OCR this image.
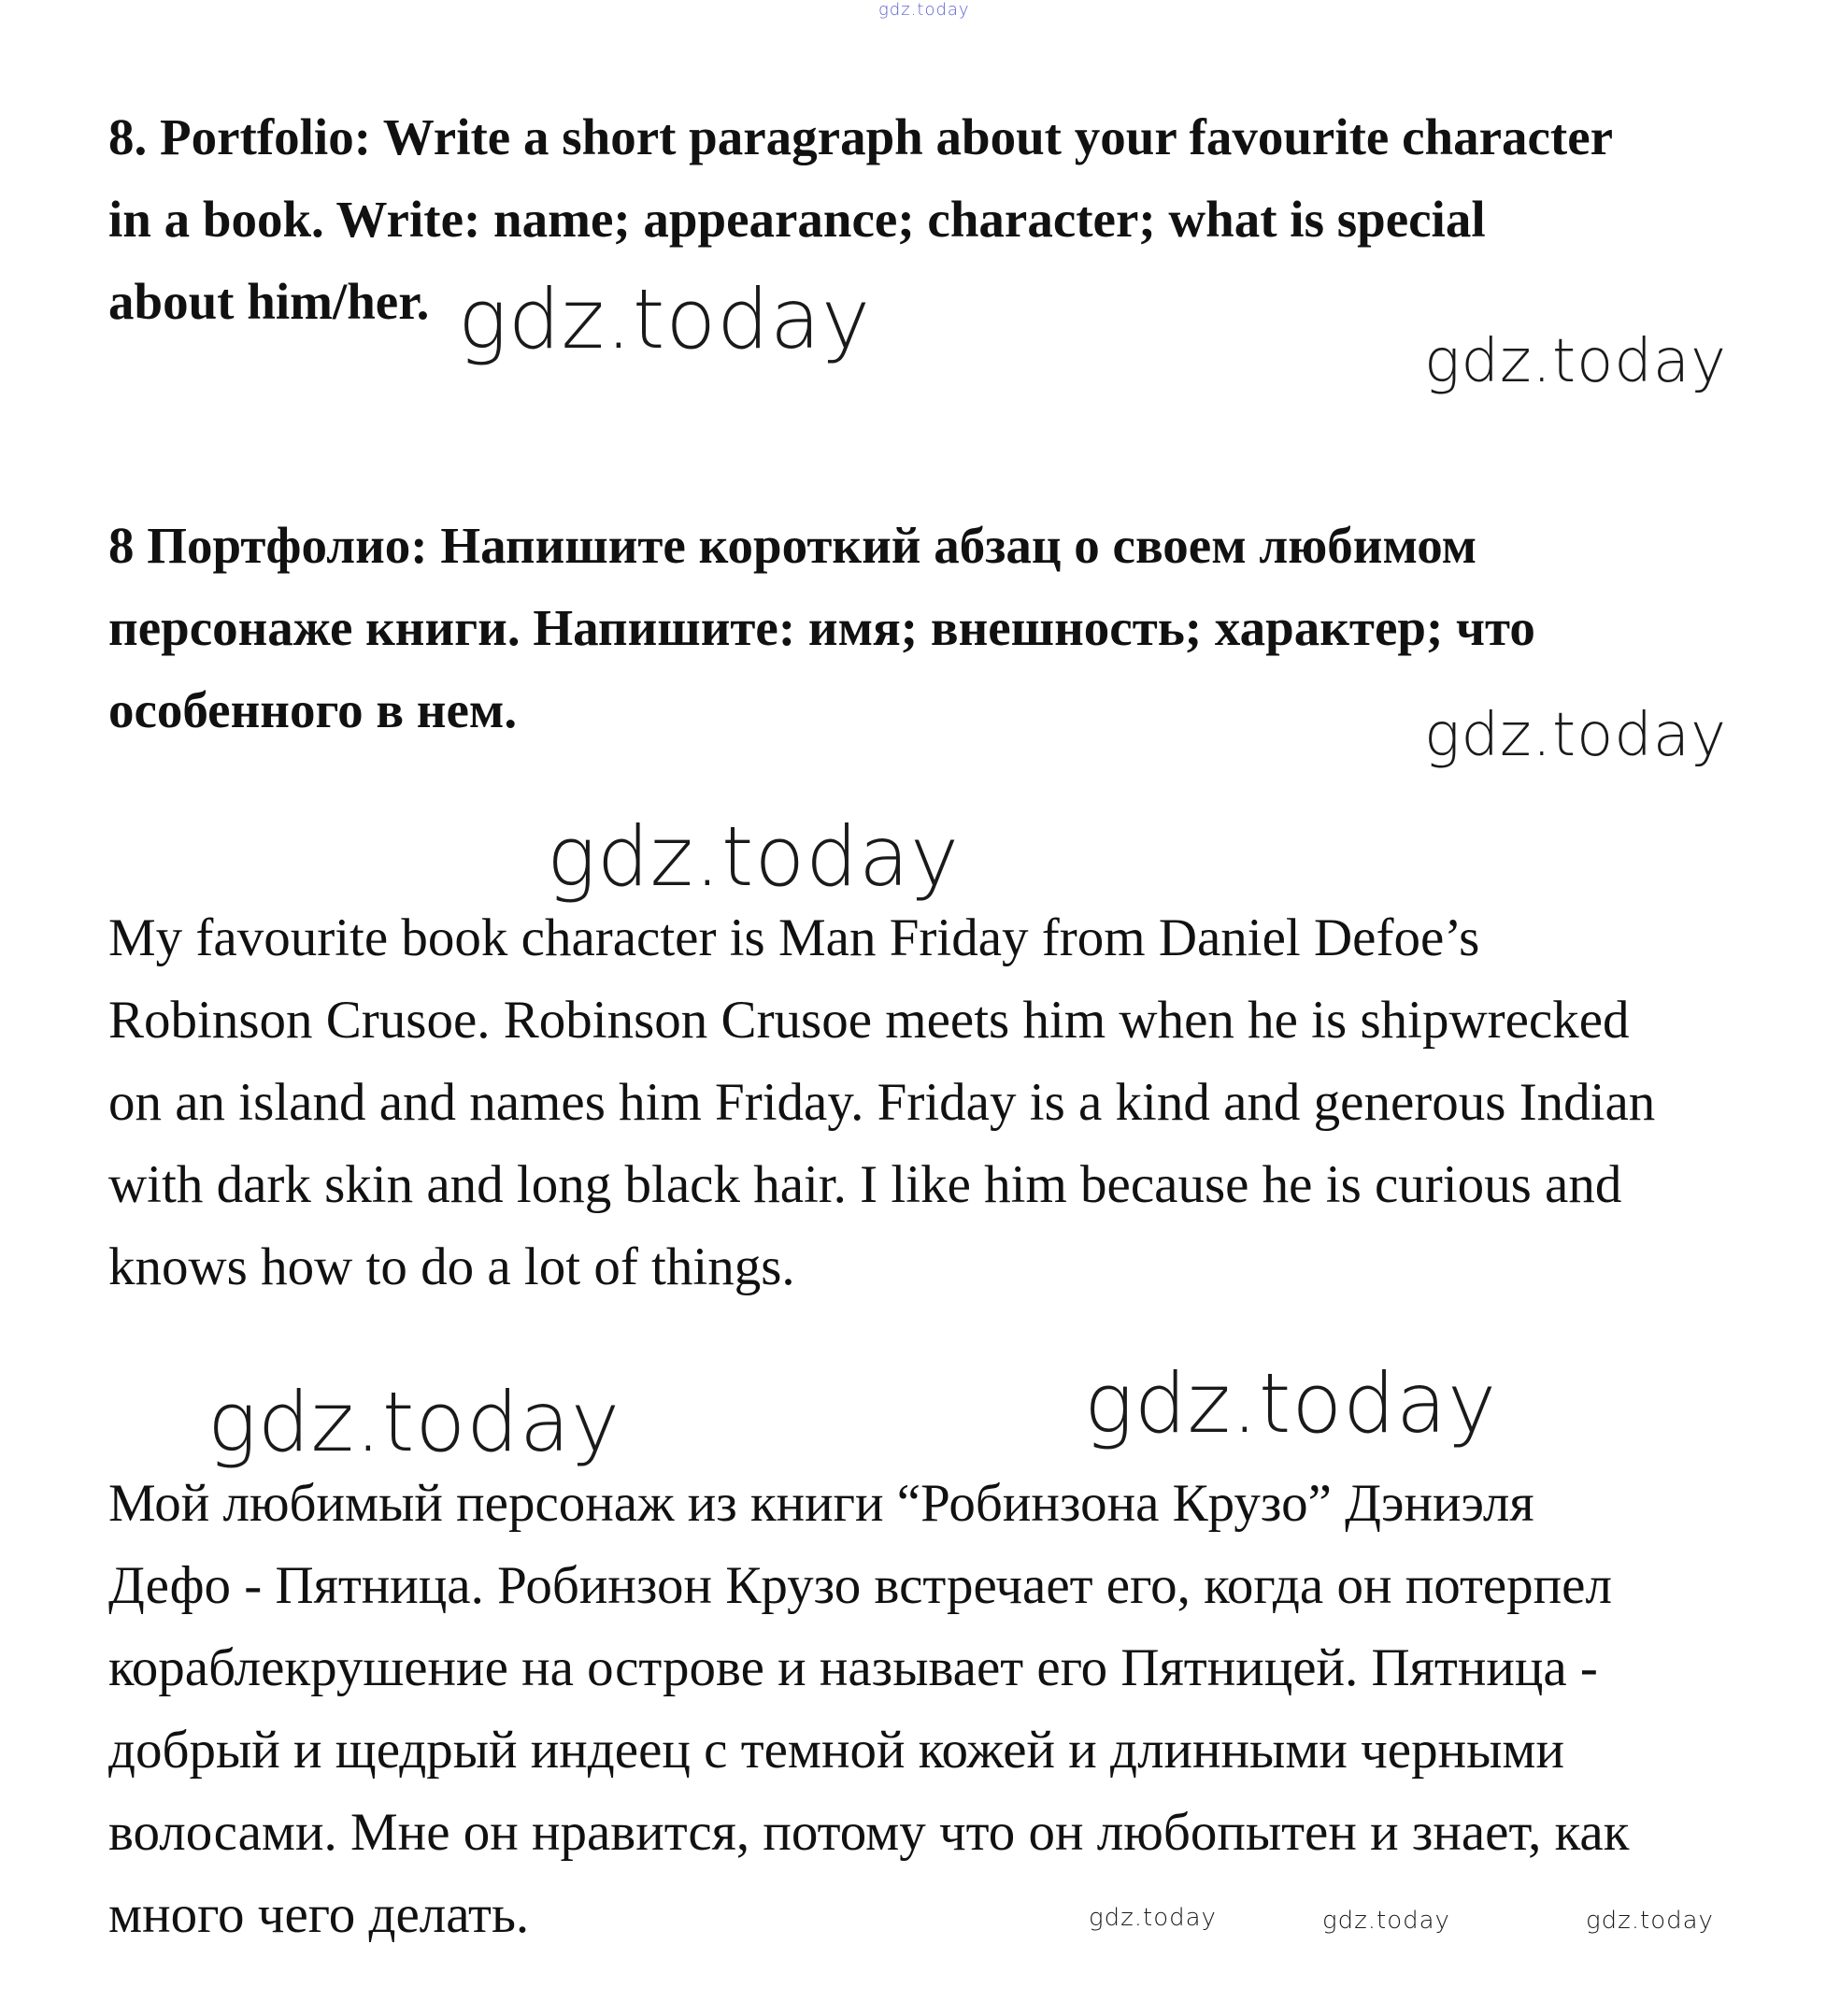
gdz.today
8. Portfolio: Write a short paragraph about your favourite character
in a book. Write: name; appearance; character; what is special
about him/her.
8 Портфолио: Напишите короткий абзац о своем любимом
персонаже книги. Напишите: имя; внешность; характер; что
особенного в нем.
My favourite book character is Man Friday from Daniel Defoe’s
Robinson Crusoe. Robinson Crusoe meets him when he is shipwrecked
on an island and names him Friday. Friday is a kind and generous Indian
with dark skin and long black hair. I like him because he is curious and
knows how to do a lot of things.
Мой любимый персонаж из книги “Робинзона Крузо” Дэниэля
Дефо - Пятница. Робинзон Крузо встречает его, когда он потерпел
кораблекрушение на острове и называет его Пятницей. Пятница -
добрый и щедрый индеец с темной кожей и длинными черными
волосами. Мне он нравится, потому что он любопытен и знает, как
много чего делать.
gdz.today	gdz.today
gdz.today
gdz.today
gdz.today	gdz.today
gdz.today	gdz.today	gdz.today
